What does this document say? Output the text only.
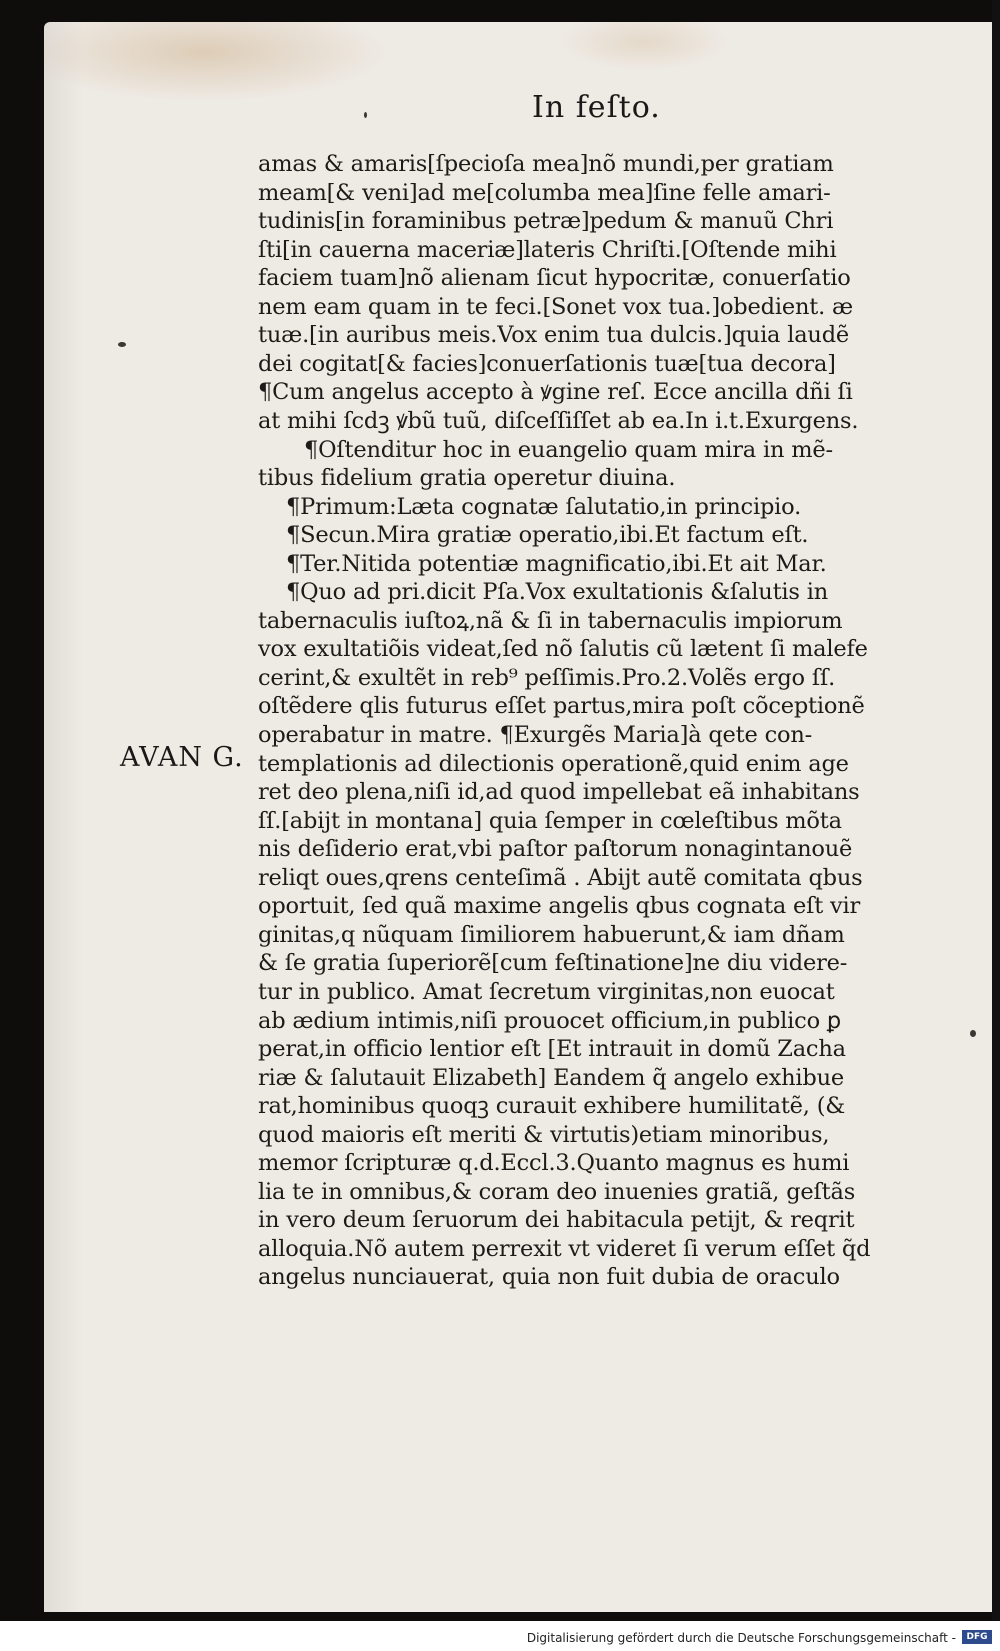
In feſto.
AVAN G.
amas & amaris[ſpecioſa mea]nõ mundi,per gratiam
meam[& veni]ad me[columba mea]ſine felle amari-
tudinis[in foraminibus petræ]pedum & manuũ Chri
ſti[in cauerna maceriæ]lateris Chriſti.[Oſtende mihi
faciem tuam]nõ alienam ſicut hypocritæ, conuerſatio
nem eam quam in te feci.[Sonet vox tua.]obedient. æ
tuæ.[in auribus meis.Vox enim tua dulcis.]quia laudẽ
dei cogitat[& facies]conuerſationis tuæ[tua decora]
¶Cum angelus accepto à ꝟgine reſ. Ecce ancilla dñi ſi
at mihi ſcdꝫ ꝟbũ tuũ, diſceſſiſſet ab ea.In i.t.Exurgens.
¶Oſtenditur hoc in euangelio quam mira in mẽ-
tibus fidelium gratia operetur diuina.
¶Primum:Læta cognatæ ſalutatio,in principio.
¶Secun.Mira gratiæ operatio,ibi.Et factum eſt.
¶Ter.Nitida potentiæ magnificatio,ibi.Et ait Mar.
¶Quo ad pri.dicit Pſa.Vox exultationis &ſalutis in
tabernaculis iuſtoꝝ,nã & ſi in tabernaculis impiorum
vox exultatiõis videat,ſed nõ ſalutis cũ lætent ſi malefe
cerint,& exultẽt in reb⁹ peſſimis.Pro.2.Volẽs ergo ſſ.
oſtẽdere qlis futurus eſſet partus,mira poſt cõceptionẽ
operabatur in matre. ¶Exurgẽs Maria]à qete con-
templationis ad dilectionis operationẽ,quid enim age
ret deo plena,niſi id,ad quod impellebat eã inhabitans
ſſ.[abijt in montana] quia ſemper in cœleſtibus mõta
nis deſiderio erat,vbi paſtor paſtorum nonagintanouẽ
reliqt oues,qrens centeſimã . Abijt autẽ comitata qbus
oportuit, ſed quã maxime angelis qbus cognata eſt vir
ginitas,q nũquam ſimiliorem habuerunt,& iam dñam
& ſe gratia ſuperiorẽ[cum feſtinatione]ne diu videre-
tur in publico. Amat ſecretum virginitas,non euocat
ab ædium intimis,niſi prouocet officium,in publico ꝑ
perat,in officio lentior eſt [Et intrauit in domũ Zacha
riæ & ſalutauit Elizabeth] Eandem q̃ angelo exhibue
rat,hominibus quoqꝫ curauit exhibere humilitatẽ, (&
quod maioris eſt meriti & virtutis)etiam minoribus,
memor ſcripturæ q.d.Eccl.3.Quanto magnus es humi
lia te in omnibus,& coram deo inuenies gratiã, geſtãs
in vero deum ſeruorum dei habitacula petijt, & reqrit
alloquia.Nõ autem perrexit vt videret ſi verum eſſet q̃d
angelus nunciauerat, quia non fuit dubia de oraculo
Digitalisierung gefördert durch die Deutsche Forschungsgemeinschaft -	DFG
